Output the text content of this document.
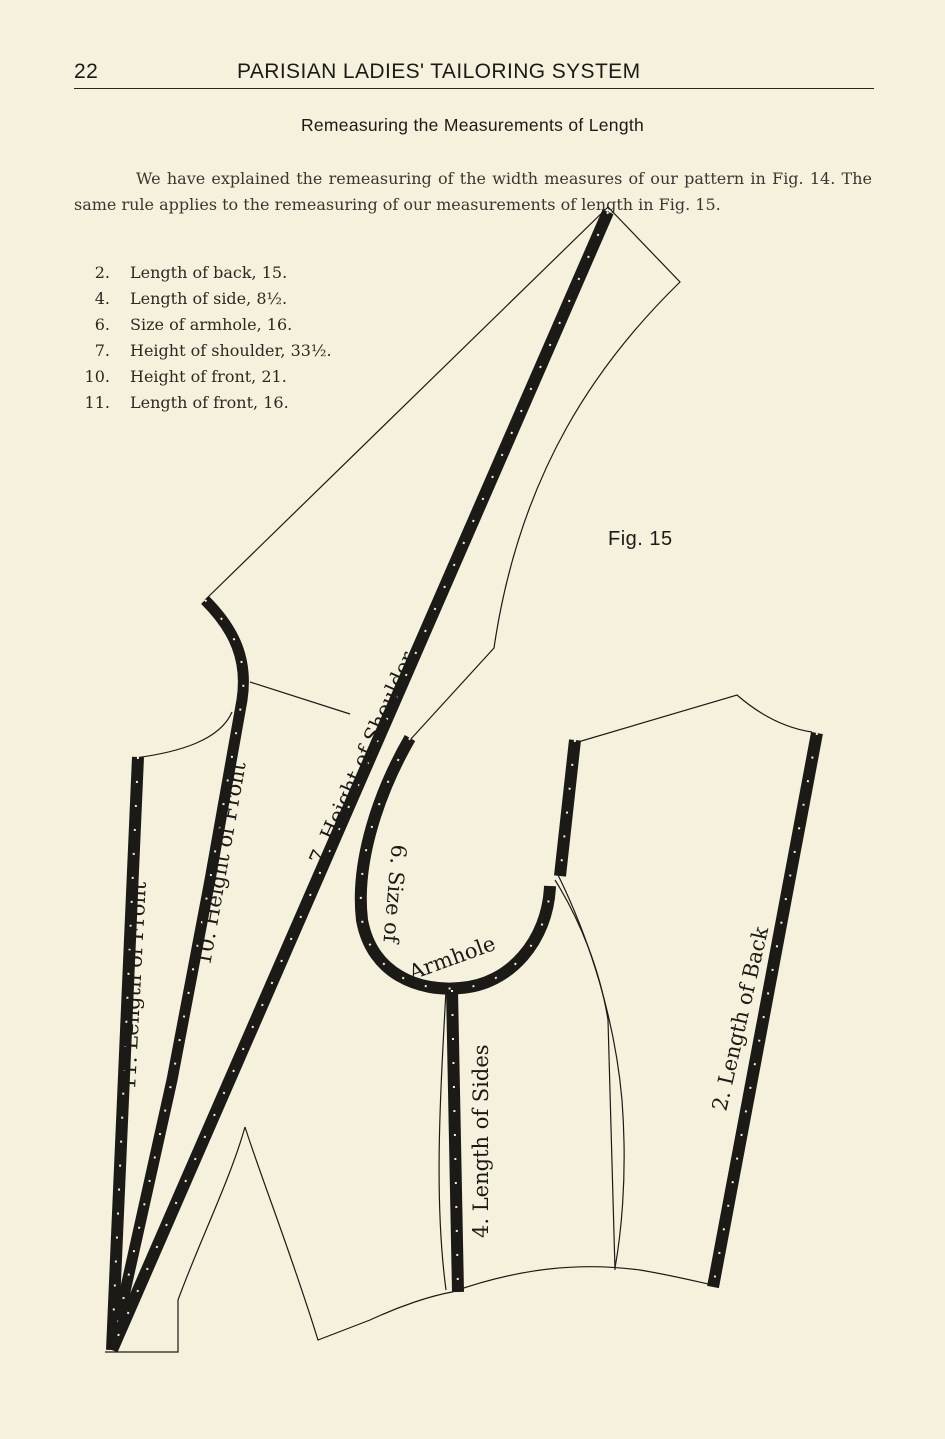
22	PARISIAN LADIES' TAILORING SYSTEM
Remeasuring the Measurements of Length

We have explained the remeasuring of the width measures of our pattern in Fig. 14. The same rule applies to the remeasuring of our measurements of length in Fig. 15.

2. Length of back, 15.
4. Length of side, 8½.
6. Size of armhole, 16.
7. Height of shoulder, 33½.
10. Height of front, 21.
11. Length of front, 16.
Fig. 15
11. Length of Front
10. Height of Front	7. Height of Shoulder
6. Size of
Armhole
4. Length of Sides
2. Length of Back
